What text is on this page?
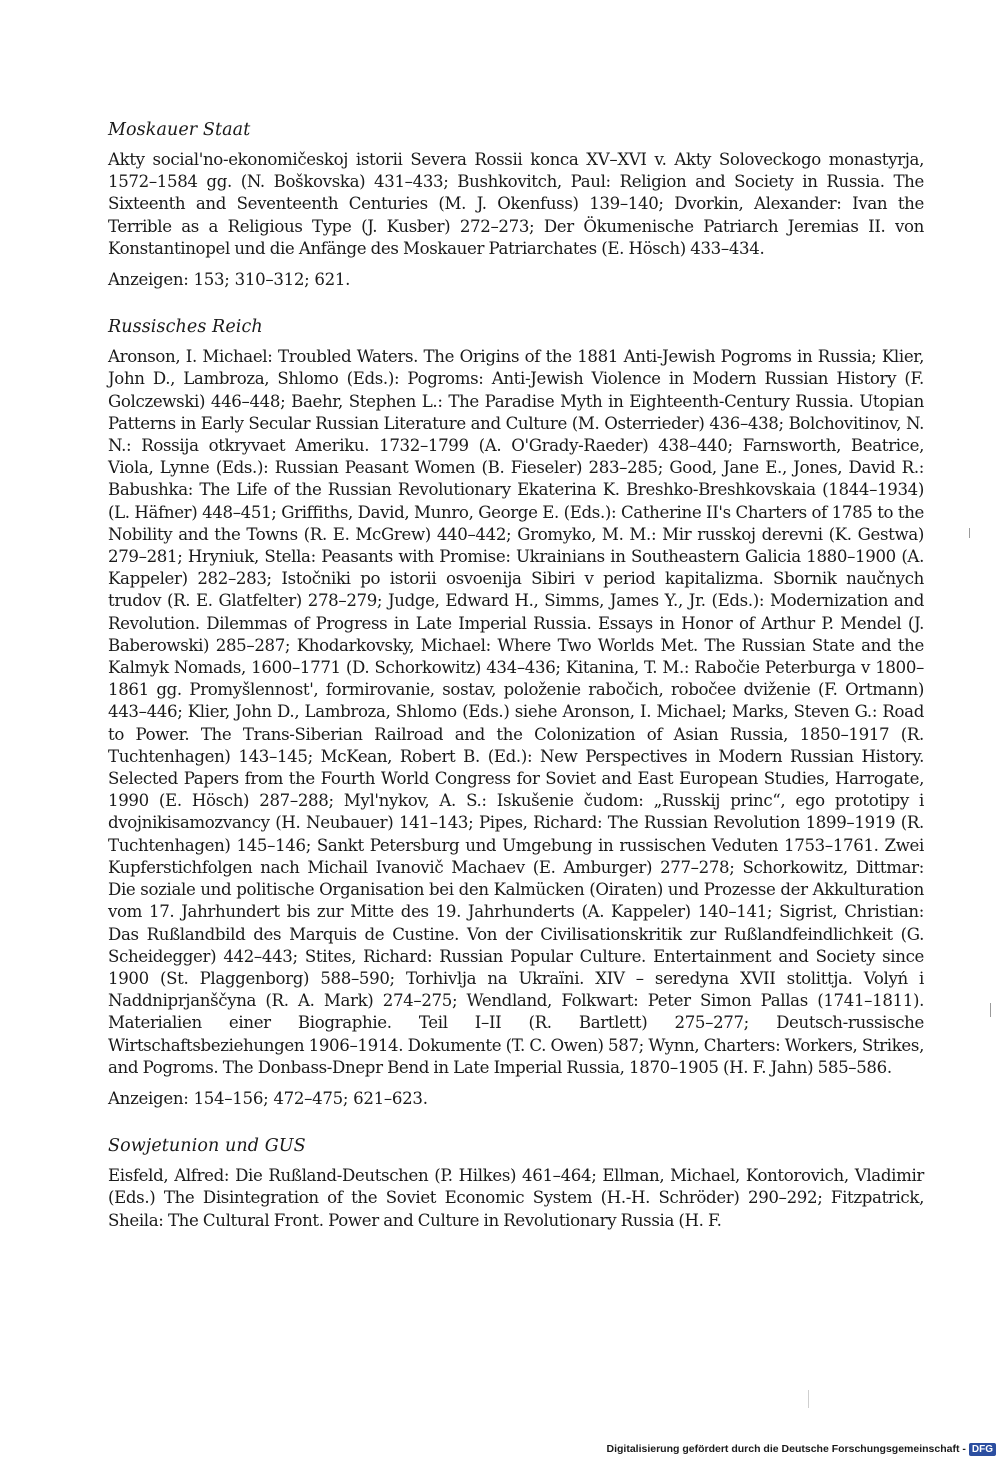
Moskauer Staat

Akty social'no-ekonomičeskoj istorii Severa Rossii konca XV–XVI v. Akty Soloveckogo monastyrja, 1572–1584 gg. (N. Boškovska) 431–433; Bushkovitch, Paul: Religion and Society in Russia. The Sixteenth and Seventeenth Centuries (M. J. Okenfuss) 139–140; Dvorkin, Alexander: Ivan the Terrible as a Religious Type (J. Kusber) 272–273; Der Ökumenische Patriarch Jeremias II. von Konstantinopel und die Anfänge des Moskauer Patriarchates (E. Hösch) 433–434.

Anzeigen: 153; 310–312; 621.

Russisches Reich

Aronson, I. Michael: Troubled Waters. The Origins of the 1881 Anti-Jewish Pogroms in Russia; Klier, John D., Lambroza, Shlomo (Eds.): Pogroms: Anti-Jewish Violence in Modern Russian History (F. Golczewski) 446–448; Baehr, Stephen L.: The Paradise Myth in Eighteenth-Century Russia. Utopian Patterns in Early Secular Russian Literature and Culture (M. Osterrieder) 436–438; Bolchovitinov, N. N.: Rossija otkryvaet Ameriku. 1732–1799 (A. O'Grady-Raeder) 438–440; Farnsworth, Beatrice, Viola, Lynne (Eds.): Russian Peasant Women (B. Fieseler) 283–285; Good, Jane E., Jones, David R.: Babushka: The Life of the Russian Revolutionary Ekaterina K. Breshko-Breshkovskaia (1844–1934) (L. Häfner) 448–451; Griffiths, David, Munro, George E. (Eds.): Catherine II's Charters of 1785 to the Nobility and the Towns (R. E. McGrew) 440–442; Gromyko, M. M.: Mir russkoj derevni (K. Gestwa) 279–281; Hryniuk, Stella: Peasants with Promise: Ukrainians in Southeastern Galicia 1880–1900 (A. Kappeler) 282–283; Istočniki po istorii osvoenija Sibiri v period kapitalizma. Sbornik naučnych trudov (R. E. Glatfelter) 278–279; Judge, Edward H., Simms, James Y., Jr. (Eds.): Modernization and Revolution. Dilemmas of Progress in Late Imperial Russia. Essays in Honor of Arthur P. Mendel (J. Baberowski) 285–287; Khodarkovsky, Michael: Where Two Worlds Met. The Russian State and the Kalmyk Nomads, 1600–1771 (D. Schorkowitz) 434–436; Kitanina, T. M.: Rabočie Peterburga v 1800–1861 gg. Promyšlennost', formirovanie, sostav, položenie rabočich, robočee dviženie (F. Ortmann) 443–446; Klier, John D., Lambroza, Shlomo (Eds.) siehe Aronson, I. Michael; Marks, Steven G.: Road to Power. The Trans-Siberian Railroad and the Colonization of Asian Russia, 1850–1917 (R. Tuchtenhagen) 143–145; McKean, Robert B. (Ed.): New Perspectives in Modern Russian History. Selected Papers from the Fourth World Congress for Soviet and East European Studies, Harrogate, 1990 (E. Hösch) 287–288; Myl'nykov, A. S.: Iskušenie čudom: „Russkij princ“, ego prototipy i dvojnikisamozvancy (H. Neubauer) 141–143; Pipes, Richard: The Russian Revolution 1899–1919 (R. Tuchtenhagen) 145–146; Sankt Petersburg und Umgebung in russischen Veduten 1753–1761. Zwei Kupferstichfolgen nach Michail Ivanovič Machaev (E. Amburger) 277–278; Schorkowitz, Dittmar: Die soziale und politische Organisation bei den Kalmücken (Oiraten) und Prozesse der Akkulturation vom 17. Jahrhundert bis zur Mitte des 19. Jahrhunderts (A. Kappeler) 140–141; Sigrist, Christian: Das Rußlandbild des Marquis de Custine. Von der Civilisationskritik zur Rußlandfeindlichkeit (G. Scheidegger) 442–443; Stites, Richard: Russian Popular Culture. Entertainment and Society since 1900 (St. Plaggenborg) 588–590; Torhivlja na Ukraïni. XIV – seredyna XVII stolittja. Volyń i Naddniprjanščyna (R. A. Mark) 274–275; Wendland, Folkwart: Peter Simon Pallas (1741–1811). Materialien einer Biographie. Teil I–II (R. Bartlett) 275–277; Deutsch-russische Wirtschaftsbeziehungen 1906–1914. Dokumente (T. C. Owen) 587; Wynn, Charters: Workers, Strikes, and Pogroms. The Donbass-Dnepr Bend in Late Imperial Russia, 1870–1905 (H. F. Jahn) 585–586.

Anzeigen: 154–156; 472–475; 621–623.

Sowjetunion und GUS

Eisfeld, Alfred: Die Rußland-Deutschen (P. Hilkes) 461–464; Ellman, Michael, Kontorovich, Vladimir (Eds.) The Disintegration of the Soviet Economic System (H.-H. Schröder) 290–292; Fitzpatrick, Sheila: The Cultural Front. Power and Culture in Revolutionary Russia (H. F.

Digitalisierung gefördert durch die Deutsche Forschungsgemeinschaft - DFG
